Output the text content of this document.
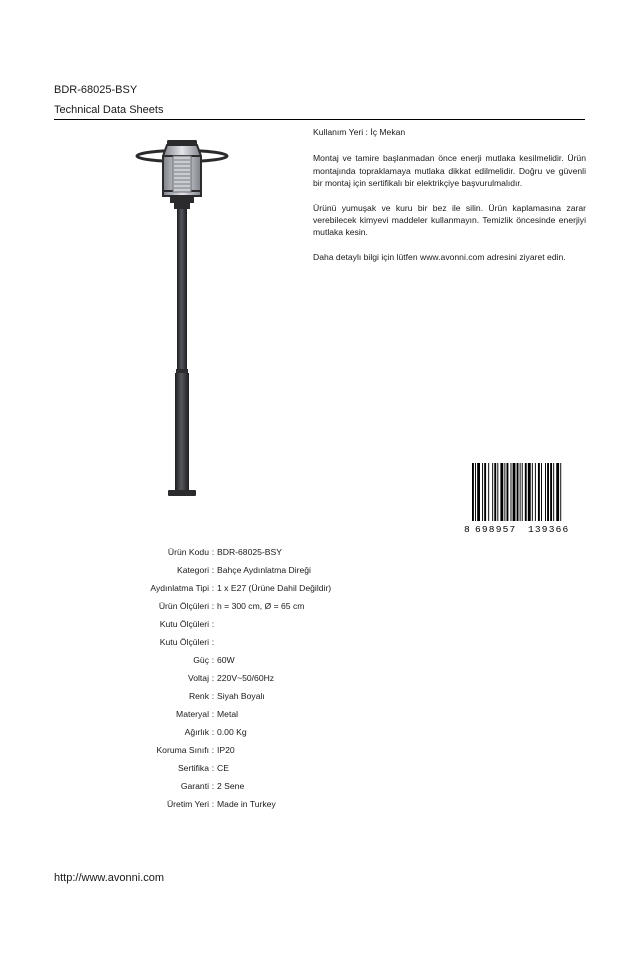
BDR-68025-BSY
Technical Data Sheets

Kullanım Yeri : İç Mekan

Montaj ve tamire başlanmadan önce enerji mutlaka kesilmelidir. Ürün montajında topraklamaya mutlaka dikkat edilmelidir. Doğru ve güvenli bir montaj için sertifikalı bir elektrikçiye başvurulmalıdır.

Ürünü yumuşak ve kuru bir bez ile silin. Ürün kaplamasına zarar verebilecek kimyevi maddeler kullanmayın. Temizlik öncesinde enerjiyi mutlaka kesin.

Daha detaylı bilgi için lütfen www.avonni.com adresini ziyaret edin.

8 698957 139366
Ürün Kodu : BDR-68025-BSY
Kategori : Bahçe Aydınlatma Direği
Aydınlatma Tipi : 1 x E27 (Ürüne Dahil Değildir)
Ürün Ölçüleri : h = 300 cm, Ø = 65 cm
Kutu Ölçüleri :
Kutu Ölçüleri :
Güç : 60W
Voltaj : 220V~50/60Hz
Renk : Siyah Boyalı
Materyal : Metal
Ağırlık : 0.00 Kg
Koruma Sınıfı : IP20
Sertifika : CE
Garanti : 2 Sene
Üretim Yeri : Made in Turkey
http://www.avonni.com
